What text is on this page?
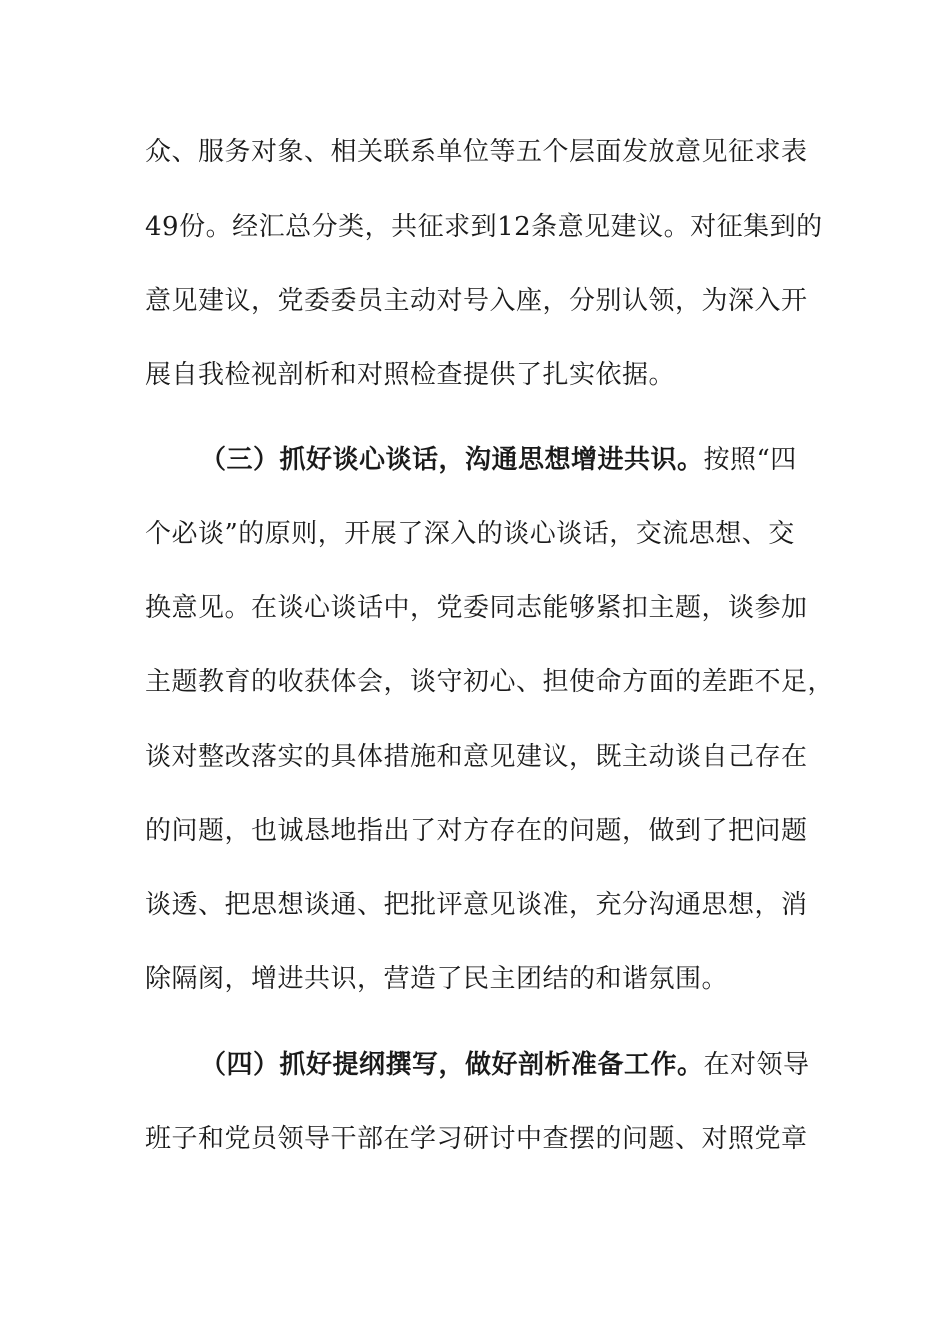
众、服务对象、相关联系单位等五个层面发放意见征求表
49份。经汇总分类，共征求到12条意见建议。对征集到的
意见建议，党委委员主动对号入座，分别认领，为深入开
展自我检视剖析和对照检查提供了扎实依据。
（三）抓好谈心谈话，沟通思想增进共识。按照“四
个必谈”的原则，开展了深入的谈心谈话，交流思想、交
换意见。在谈心谈话中，党委同志能够紧扣主题，谈参加
主题教育的收获体会，谈守初心、担使命方面的差距不足，
谈对整改落实的具体措施和意见建议，既主动谈自己存在
的问题，也诚恳地指出了对方存在的问题，做到了把问题
谈透、把思想谈通、把批评意见谈准，充分沟通思想，消
除隔阂，增进共识，营造了民主团结的和谐氛围。
（四）抓好提纲撰写，做好剖析准备工作。在对领导
班子和党员领导干部在学习研讨中查摆的问题、对照党章
